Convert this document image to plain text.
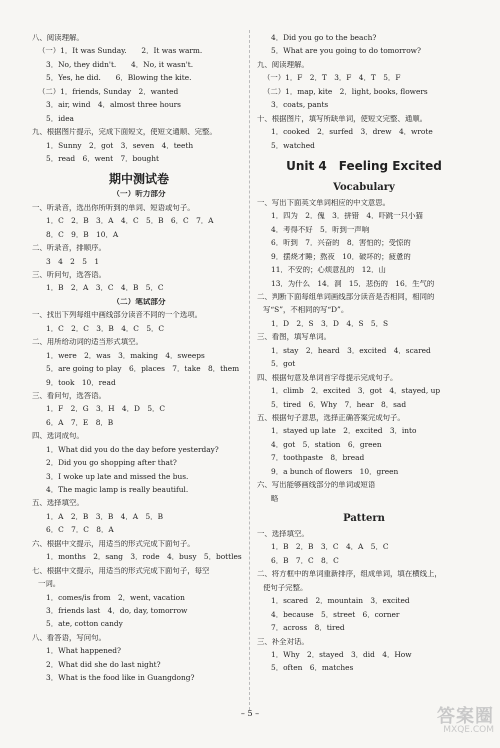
八、阅读理解。
（一）1．It was Sunday.　　2．It was warm.
3．No, they didn't.　　4．No, it wasn't.
5．Yes, he did.　　6．Blowing the kite.
（二）1．friends, Sunday　2．wanted
3．air, wind　4．almost three hours
5．idea
九、根据图片提示，完成下面短文，使短文通顺、完整。
1．Sunny　2．got　3．seven　4．teeth
5．read　6．went　7．bought
期中测试卷
（一）听力部分
一、听录音，选出你所听到的单词、短语或句子。
1．C　2．B　3．A　4．C　5．B　6．C　7．A
8．C　9．B　10．A
二、听录音，排顺序。
3　4　2　5　1
三、听问句，选答语。
1．B　2．A　3．C　4．B　5．C
（二）笔试部分
一、找出下列每组中画线部分读音不同的一个选项。
1．C　2．C　3．B　4．C　5．C
二、用所给动词的适当形式填空。
1．were　2．was　3．making　4．sweeps
5．are going to play　6．places　7．take　8．them
9．took　10．read
三、看问句，选答语。
1．F　2．G　3．H　4．D　5．C
6．A　7．E　8．B
四、选词成句。
1．What did you do the day before yesterday?
2．Did you go shopping after that?
3．I woke up late and missed the bus.
4．The magic lamp is really beautiful.
五、选择填空。
1．A　2．B　3．B　4．A　5．B
6．C　7．C　8．A
六、根据中文提示，用适当的形式完成下面句子。
1．months　2．sang　3．rode　4．busy　5．bottles
七、根据中文提示，用适当的形式完成下面句子，每空
一词。
1．comes/is from　2．went, vacation
3．friends last　4．do, day, tomorrow
5．ate, cotton candy
八、看答语，写问句。
1．What happened?
2．What did she do last night?
3．What is the food like in Guangdong?
4．Did you go to the beach?
5．What are you going to do tomorrow?
九、阅读理解。
（一）1．F　2．T　3．F　4．T　5．F
（二）1．map, kite　2．light, books, flowers
3．coats, pants
十、根据图片，填写所缺单词，使短文完整、通顺。
1．cooked　2．surfed　3．drew　4．wrote
5．watched
Unit 4　Feeling Excited
Vocabulary
一、写出下面英文单词相应的中文意思。
1．四为　2．傀　3．拼错　4．吓跳一只小猫
4．考得不好　5．听到一声响
6．听到　7．兴奋的　8．害怕的；受惊的
9．摆烧才睡；熬夜　10．破坏的；疲惫的
11．不安的；心烦意乱的　12．山
13．为什么　14．洞　15．悲伤的　16．生气的
二、判断下面每组单词画线部分读音是否相同，相同的
写“S”，不相同的写“D”。
1．D　2．S　3．D　4．S　5．S
三、看图，填写单词。
1．stay　2．heard　3．excited　4．scared
5．got
四、根据句意及单词首字母提示完成句子。
1．climb　2．excited　3．got　4．stayed, up
5．tired　6．Why　7．hear　8．sad
五、根据句子意思，选择正确答案完成句子。
1．stayed up late　2．excited　3．into
4．got　5．station　6．green
7．toothpaste　8．bread
9．a bunch of flowers　10．green
六、写出能够画线部分的单词或短语
略
Pattern
一、选择填空。
1．B　2．B　3．C　4．A　5．C
6．B　7．C　8．C
二、将方框中的单词重新排序，组成单词，填在横线上，
使句子完整。
1．scared　2．mountain　3．excited
4．because　5．street　6．corner
7．across　8．tired
三、补全对话。
1．Why　2．stayed　3．did　4．How
5．often　6．matches
– 5 –	答案圈
MXQE.COM
